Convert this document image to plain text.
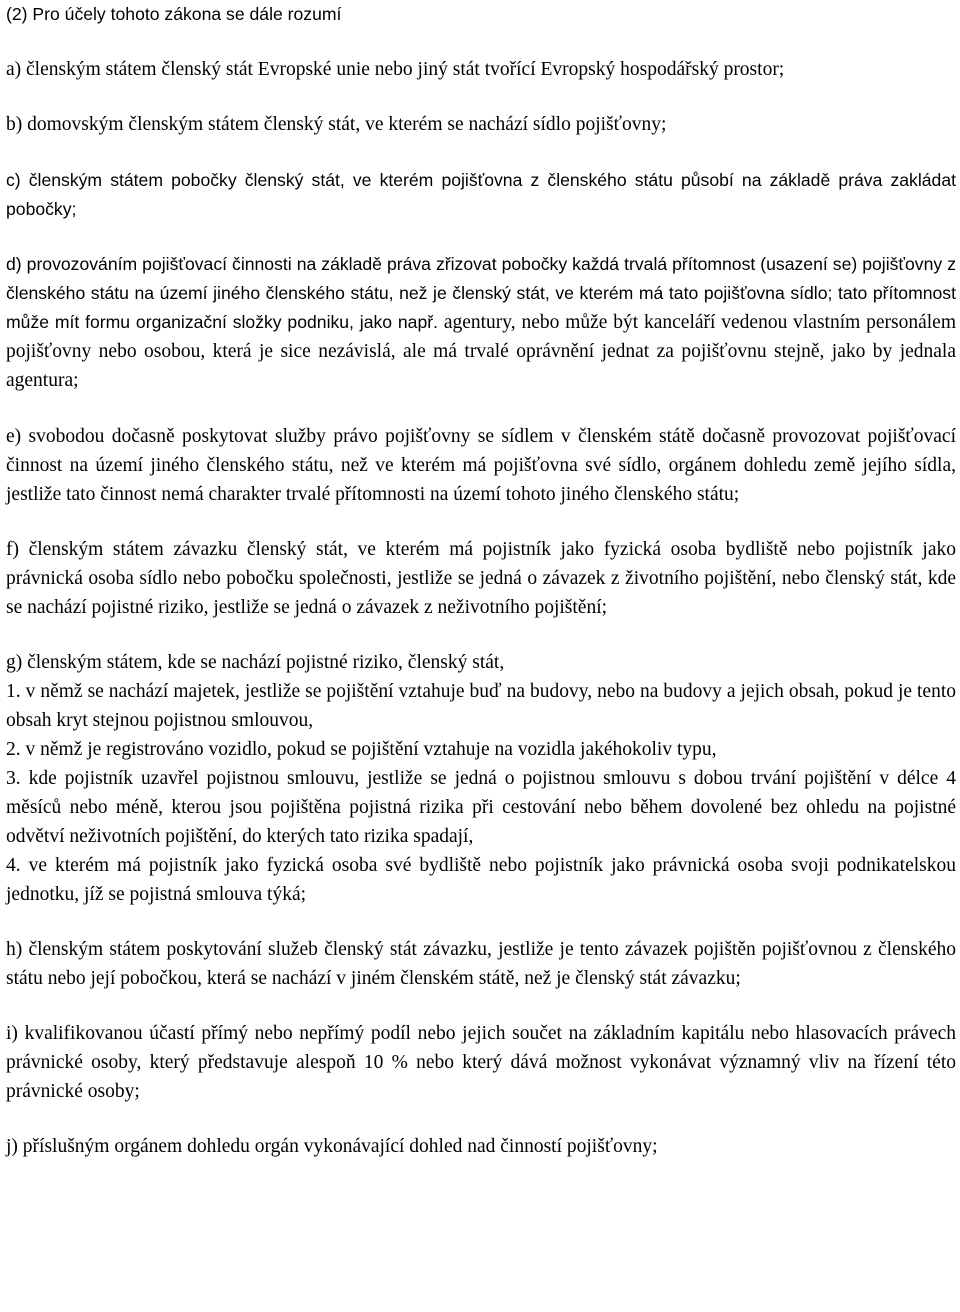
(2) Pro účely tohoto zákona se dále rozumí

a) členským státem členský stát Evropské unie nebo jiný stát tvořící Evropský hospodářský prostor;

b) domovským členským státem členský stát, ve kterém se nachází sídlo pojišťovny;

c) členským státem pobočky členský stát, ve kterém pojišťovna z členského státu působí na základě práva zakládat pobočky;

d) provozováním pojišťovací činnosti na základě práva zřizovat pobočky každá trvalá přítomnost (usazení se) pojišťovny z členského státu na území jiného členského státu, než je členský stát, ve kterém má tato pojišťovna sídlo; tato přítomnost může mít formu organizační složky podniku, jako např. agentury, nebo může být kanceláří vedenou vlastním personálem pojišťovny nebo osobou, která je sice nezávislá, ale má trvalé oprávnění jednat za pojišťovnu stejně, jako by jednala agentura;

e) svobodou dočasně poskytovat služby právo pojišťovny se sídlem v členském státě dočasně provozovat pojišťovací činnost na území jiného členského státu, než ve kterém má pojišťovna své sídlo, orgánem dohledu země jejího sídla, jestliže tato činnost nemá charakter trvalé přítomnosti na území tohoto jiného členského státu;

f) členským státem závazku členský stát, ve kterém má pojistník jako fyzická osoba bydliště nebo pojistník jako právnická osoba sídlo nebo pobočku společnosti, jestliže se jedná o závazek z životního pojištění, nebo členský stát, kde se nachází pojistné riziko, jestliže se jedná o závazek z neživotního pojištění;

g) členským státem, kde se nachází pojistné riziko, členský stát,

1. v němž se nachází majetek, jestliže se pojištění vztahuje buď na budovy, nebo na budovy a jejich obsah, pokud je tento obsah kryt stejnou pojistnou smlouvou,

2. v němž je registrováno vozidlo, pokud se pojištění vztahuje na vozidla jakéhokoliv typu,

3. kde pojistník uzavřel pojistnou smlouvu, jestliže se jedná o pojistnou smlouvu s dobou trvání pojištění v délce 4 měsíců nebo méně, kterou jsou pojištěna pojistná rizika při cestování nebo během dovolené bez ohledu na pojistné odvětví neživotních pojištění, do kterých tato rizika spadají,

4. ve kterém má pojistník jako fyzická osoba své bydliště nebo pojistník jako právnická osoba svoji podnikatelskou jednotku, jíž se pojistná smlouva týká;

h) členským státem poskytování služeb členský stát závazku, jestliže je tento závazek pojištěn pojišťovnou z členského státu nebo její pobočkou, která se nachází v jiném členském státě, než je členský stát závazku;

i) kvalifikovanou účastí přímý nebo nepřímý podíl nebo jejich součet na základním kapitálu nebo hlasovacích právech právnické osoby, který představuje alespoň 10 % nebo který dává možnost vykonávat významný vliv na řízení této právnické osoby;

j) příslušným orgánem dohledu orgán vykonávající dohled nad činností pojišťovny;
